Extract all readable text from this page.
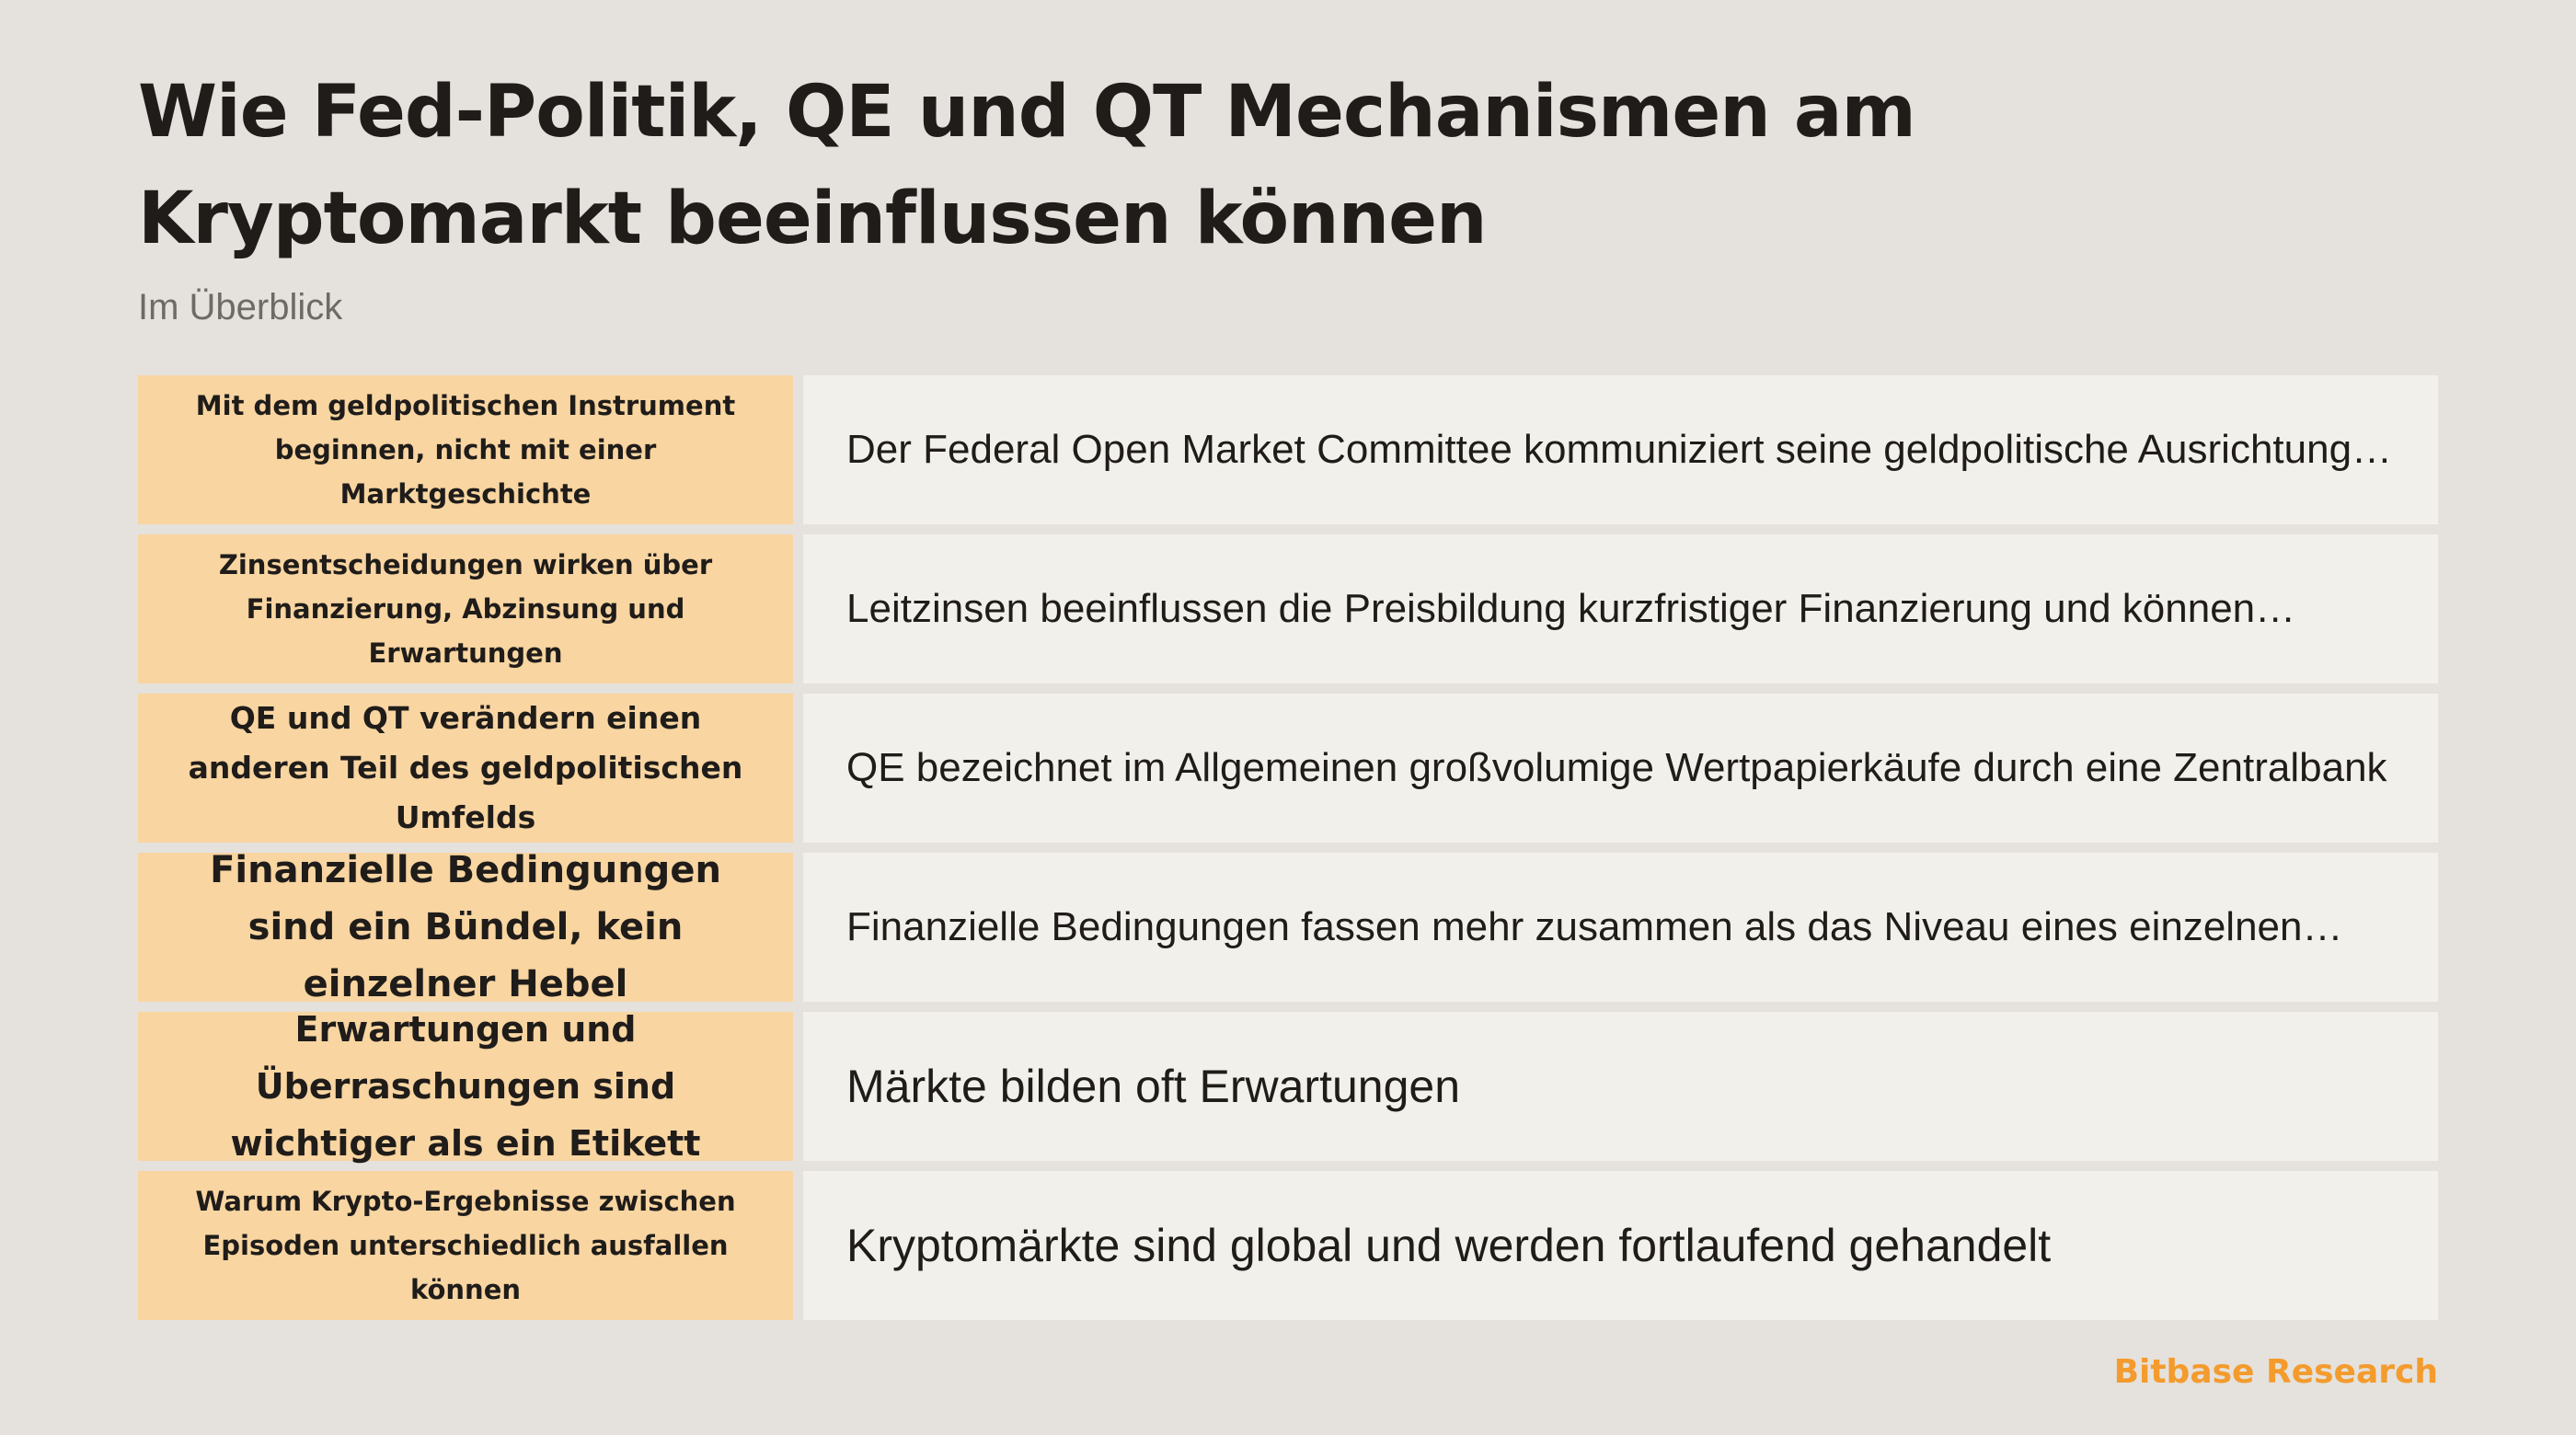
Wie Fed-Politik, QE und QT Mechanismen am Kryptomarkt beeinflussen können

Im Überblick

Mit dem geldpolitischen Instrument beginnen, nicht mit einer Marktgeschichte
Der Federal Open Market Committee kommuniziert seine geldpolitische Ausrichtung…
Zinsentscheidungen wirken über Finanzierung, Abzinsung und Erwartungen
Leitzinsen beeinflussen die Preisbildung kurzfristiger Finanzierung und können…
QE und QT verändern einen anderen Teil des geldpolitischen Umfelds
QE bezeichnet im Allgemeinen großvolumige Wertpapierkäufe durch eine Zentralbank
Finanzielle Bedingungen sind ein Bündel, kein einzelner Hebel
Finanzielle Bedingungen fassen mehr zusammen als das Niveau eines einzelnen…
Erwartungen und Überraschungen sind wichtiger als ein Etikett
Märkte bilden oft Erwartungen
Warum Krypto-Ergebnisse zwischen Episoden unterschiedlich ausfallen können
Kryptomärkte sind global und werden fortlaufend gehandelt

Bitbase Research
